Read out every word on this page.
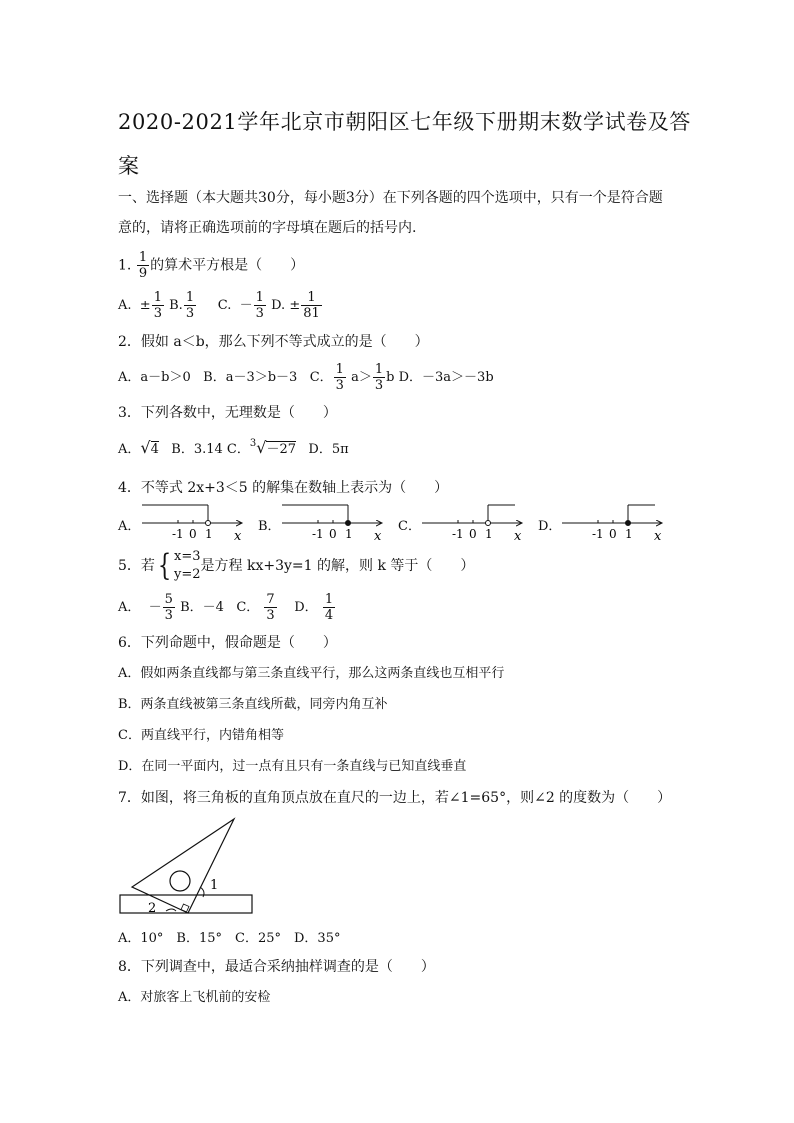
2020-2021学年北京市朝阳区七年级下册期末数学试卷及答案
一、选择题（本大题共30分，每小题3分）在下列各题的四个选项中，只有一个是符合题
意的，请将正确选项前的字母填在题后的括号内.
1. $\frac{1}{9}$ 的算术平方根是（　　）
A. ± $\frac{1}{3} B$. $\frac{1}{3} C$. － $\frac{1}{3} D$. ± $\frac{1}{81}$
2．假如 a＜b，那么下列不等式成立的是（　　）
A．a－b＞0 B．a－3＞b－3 C． $\frac{1}{3} a> \frac{1}{3}$ b D．－3a＞－3b
3．下列各数中，无理数是（　　）
A．√4 B．3.14 C．$^3$√－27 D．5π
4．不等式 2x+3＜5 的解集在数轴上表示为（　　）
A．	B．	C．	D．
-1 0 1 x	-1 0 1 x	-1 0 1 x	-1 0 1 x
5．若{ x=3
y=2
是方程 kx+3y=1 的解，则 k 等于（　　）
A． － $\frac{5}{3}$ B．－4 C． $\frac{7}{3}$ D． $\frac{1}{4}$
6．下列命题中，假命题是（　　）
A．假如两条直线都与第三条直线平行，那么这两条直线也互相平行
B．两条直线被第三条直线所截，同旁内角互补
C．两直线平行，内错角相等
D．在同一平面内，过一点有且只有一条直线与已知直线垂直
7．如图，将三角板的直角顶点放在直尺的一边上，若∠1=65°，则∠2 的度数为（　　）
1
2
A．10°　B．15°　C．25°　D．35°
8．下列调查中，最适合采纳抽样调查的是（　　）
A．对旅客上飞机前的安检
